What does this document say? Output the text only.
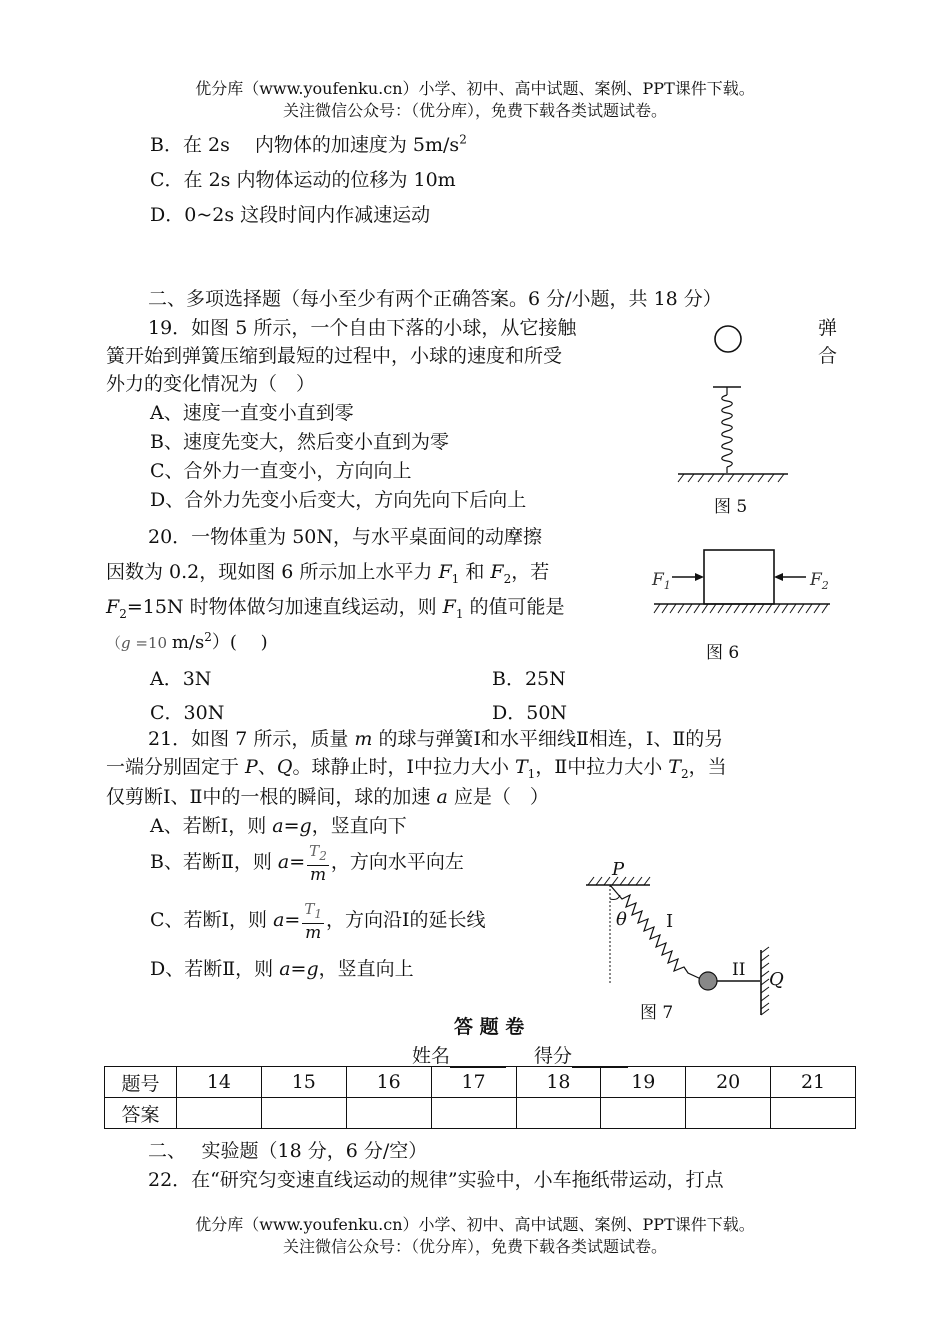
优分库（www.youfenku.cn）小学、初中、高中试题、案例、PPT课件下载。
关注微信公众号：（优分库），免费下载各类试题试卷。
B．在 2s　 内物体的加速度为 $5m/s^2$
C．在 2s 内物体运动的位移为 10m
D．0~2s 这段时间内作减速运动
二、多项选择题（每小至少有两个正确答案。6 分/小题，共 18 分）
19．如图 5 所示，一个自由下落的小球，从它接触	弹
簧开始到弹簧压缩到最短的过程中，小球的速度和所受	合
外力的变化情况为（　）
A、速度一直变小直到零
B、速度先变大，然后变小直到为零
C、合外力一直变小，方向向上
D、合外力先变小后变大，方向先向下后向上	图 5
20．一物体重为 50N，与水平桌面间的动摩擦
因数为 0.2，现如图 6 所示加上水平力 $F_1$ 和 $F_2$，若
$F_2=15N$ 时物体做匀加速直线运动，则 $F_1$ 的值可能是
（g =10 $m/s^2$）(　 )
A．3N	B．25N
C．30N	D．50N
$F_1$	$F_2$
图 6
21．如图 7 所示，质量 m 的球与弹簧Ⅰ和水平细线Ⅱ相连，Ⅰ、Ⅱ的另
一端分别固定于 P、Q。球静止时，Ⅰ中拉力大小 $T_1$，Ⅱ中拉力大小 $T_2$，当
仅剪断Ⅰ、Ⅱ中的一根的瞬间，球的加速 a 应是（　）
A、若断Ⅰ，则 a=g，竖直向下
B、若断Ⅱ，则 $a= \frac{T_2}{m}$ ，方向水平向左
C、若断Ⅰ，则 $a= \frac{T_1}{m}$ ，方向沿Ⅰ的延长线
D、若断Ⅱ，则 a=g，竖直向上
P
θ I
II Q
图 7
答 题 卷
姓名	得分
题号	14	15	16	17	18	19	20	21
答案								
二、　 实验题（18 分，6 分/空）
22．在“研究匀变速直线运动的规律”实验中，小车拖纸带运动，打点
优分库（www.youfenku.cn）小学、初中、高中试题、案例、PPT课件下载。
关注微信公众号：（优分库），免费下载各类试题试卷。
